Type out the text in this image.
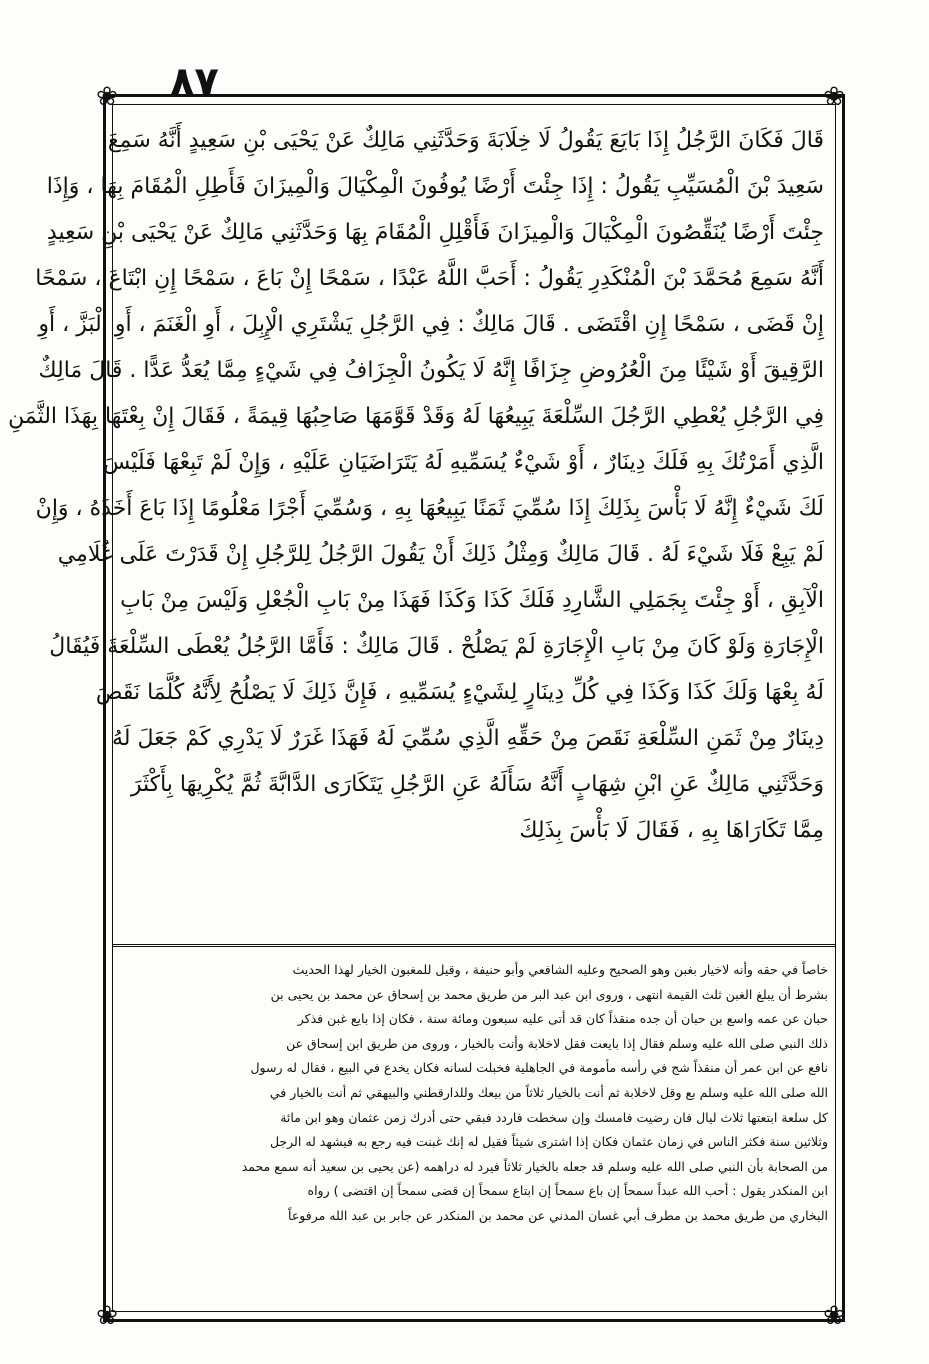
٨٧
❀	❀
❀	❀

قَالَ فَكَانَ الرَّجُلُ إِذَا بَايَعَ يَقُولُ لَا خِلَابَةَ وَحَدَّثَنِي مَالِكٌ عَنْ يَحْيَى بْنِ سَعِيدٍ أَنَّهُ سَمِعَ

سَعِيدَ بْنَ الْمُسَيِّبِ يَقُولُ : إِذَا جِئْتَ أَرْضًا يُوفُونَ الْمِكْيَالَ وَالْمِيزَانَ فَأَطِلِ الْمُقَامَ بِهَا ، وَإِذَا

جِئْتَ أَرْضًا يُنَقِّصُونَ الْمِكْيَالَ وَالْمِيزَانَ فَأَقْلِلِ الْمُقَامَ بِهَا وَحَدَّثَنِي مَالِكٌ عَنْ يَحْيَى بْنِ سَعِيدٍ

أَنَّهُ سَمِعَ مُحَمَّدَ بْنَ الْمُنْكَدِرِ يَقُولُ : أَحَبَّ اللَّهُ عَبْدًا ، سَمْحًا إِنْ بَاعَ ، سَمْحًا إِنِ ابْتَاعَ ، سَمْحًا

إِنْ قَضَى ، سَمْحًا إِنِ اقْتَضَى . قَالَ مَالِكٌ : فِي الرَّجُلِ يَشْتَرِي الْإِبِلَ ، أَوِ الْغَنَمَ ، أَوِ الْبَزَّ ، أَوِ

الرَّقِيقَ أَوْ شَيْئًا مِنَ الْعُرُوضِ جِزَافًا إِنَّهُ لَا يَكُونُ الْجِزَافُ فِي شَيْءٍ مِمَّا يُعَدُّ عَدًّا . قَالَ مَالِكٌ

فِي الرَّجُلِ يُعْطِي الرَّجُلَ السِّلْعَةَ يَبِيعُهَا لَهُ وَقَدْ قَوَّمَهَا صَاحِبُهَا قِيمَةً ، فَقَالَ إِنْ بِعْتَهَا بِهَذَا الثَّمَنِ

الَّذِي أَمَرْتُكَ بِهِ فَلَكَ دِينَارٌ ، أَوْ شَيْءٌ يُسَمِّيهِ لَهُ يَتَرَاضَيَانِ عَلَيْهِ ، وَإِنْ لَمْ تَبِعْهَا فَلَيْسَ

لَكَ شَيْءٌ إِنَّهُ لَا بَأْسَ بِذَلِكَ إِذَا سُمِّيَ ثَمَنًا يَبِيعُهَا بِهِ ، وَسُمِّيَ أَجْرًا مَعْلُومًا إِذَا بَاعَ أَخَذَهُ ، وَإِنْ

لَمْ يَبِعْ فَلَا شَيْءَ لَهُ . قَالَ مَالِكٌ وَمِثْلُ ذَلِكَ أَنْ يَقُولَ الرَّجُلُ لِلرَّجُلِ إِنْ قَدَرْتَ عَلَى غُلَامِي

الْآبِقِ ، أَوْ جِئْتَ بِجَمَلِي الشَّارِدِ فَلَكَ كَذَا وَكَذَا فَهَذَا مِنْ بَابِ الْجُعْلِ وَلَيْسَ مِنْ بَابِ

الْإِجَارَةِ وَلَوْ كَانَ مِنْ بَابِ الْإِجَارَةِ لَمْ يَصْلُحْ . قَالَ مَالِكٌ : فَأَمَّا الرَّجُلُ يُعْطَى السِّلْعَةَ فَيُقَالُ

لَهُ بِعْهَا وَلَكَ كَذَا وَكَذَا فِي كُلِّ دِينَارٍ لِشَيْءٍ يُسَمِّيهِ ، فَإِنَّ ذَلِكَ لَا يَصْلُحُ لِأَنَّهُ كُلَّمَا نَقَصَ

دِينَارٌ مِنْ ثَمَنِ السِّلْعَةِ نَقَصَ مِنْ حَقِّهِ الَّذِي سُمِّيَ لَهُ فَهَذَا غَرَرٌ لَا يَدْرِي كَمْ جَعَلَ لَهُ

وَحَدَّثَنِي مَالِكٌ عَنِ ابْنِ شِهَابٍ أَنَّهُ سَأَلَهُ عَنِ الرَّجُلِ يَتَكَارَى الدَّابَّةَ ثُمَّ يُكْرِيهَا بِأَكْثَرَ

مِمَّا تَكَارَاهَا بِهِ ، فَقَالَ لَا بَأْسَ بِذَلِكَ

خاصاً في حقه وأنه لاخيار بغبن وهو الصحيح وعليه الشافعي وأبو حنيفة ، وقيل للمغبون الخيار لهذا الحديث

بشرط أن يبلغ الغبن ثلث القيمة انتهى ، وروى ابن عبد البر من طريق محمد بن إسحاق عن محمد بن يحيى بن

حبان عن عمه واسع بن حبان أن جده منقذاً كان قد أتى عليه سبعون ومائة سنة ، فكان إذا بايع غبن فذكر

ذلك النبي صلى الله عليه وسلم فقال إذا بايعت فقل لاخلابة وأنت بالخيار ، وروى من طريق ابن إسحاق عن

نافع عن ابن عمر أن منقذاً شج في رأسه مأمومة في الجاهلية فخبلت لسانه فكان يخدع في البيع ، فقال له رسول

الله صلى الله عليه وسلم بع وقل لاخلابة ثم أنت بالخيار ثلاثاً من بيعك وللدارقطني والبيهقي ثم أنت بالخيار في

كل سلعة ابتعتها ثلاث ليال فان رضيت فامسك وإن سخطت فاردد فبقي حتى أدرك زمن عثمان وهو ابن مائة

وثلاثين سنة فكثر الناس في زمان عثمان فكان إذا اشترى شيئاً فقيل له إنك غبنت فيه رجع به فيشهد له الرجل

من الصحابة بأن النبي صلى الله عليه وسلم قد جعله بالخيار ثلاثاً فيرد له دراهمه (عن يحيى بن سعيد أنه سمع محمد

ابن المنكدر يقول : أحب الله عبداً سمحاً إن باع سمحاً إن ابتاع سمحاً إن قضى سمحاً إن اقتضى ) رواه

البخاري من طريق محمد بن مطرف أبي غسان المدني عن محمد بن المنكدر عن جابر بن عبد الله مرفوعاً
